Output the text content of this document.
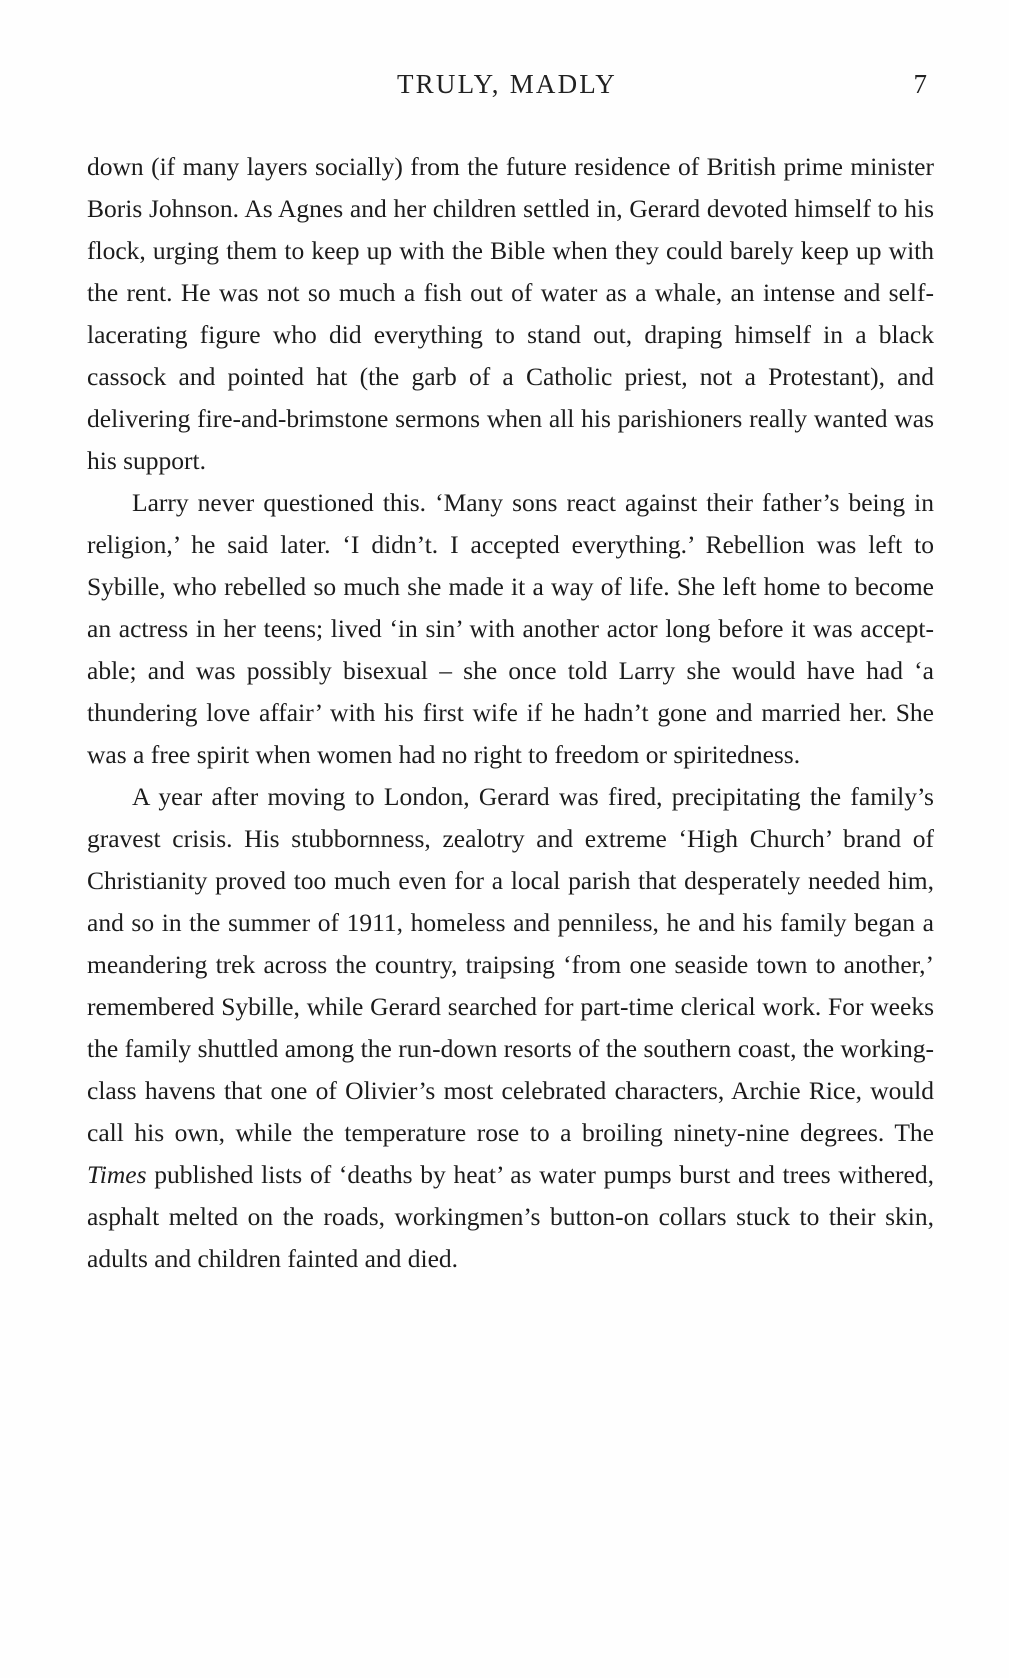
TRULY, MADLY	7

down (if many layers socially) from the future residence of British prime minister Boris Johnson. As Agnes and her children settled in, Gerard devoted himself to his flock, urging them to keep up with the Bible when they could barely keep up with the rent. He was not so much a fish out of water as a whale, an intense and self-lacerating figure who did everything to stand out, draping himself in a black cassock and pointed hat (the garb of a Catholic priest, not a Protestant), and delivering fire-and-brimstone sermons when all his parishioners really wanted was his support.

Larry never questioned this. ‘Many sons react against their father’s being in religion,’ he said later. ‘I didn’t. I accepted everything.’ Rebellion was left to Sybille, who rebelled so much she made it a way of life. She left home to become an actress in her teens; lived ‘in sin’ with another actor long before it was acceptable; and was possibly bisexual – she once told Larry she would have had ‘a thundering love affair’ with his first wife if he hadn’t gone and married her. She was a free spirit when women had no right to freedom or spiritedness.

A year after moving to London, Gerard was fired, precipitating the family’s gravest crisis. His stubbornness, zealotry and extreme ‘High Church’ brand of Christianity proved too much even for a local parish that desperately needed him, and so in the summer of 1911, homeless and penniless, he and his family began a meandering trek across the country, traipsing ‘from one seaside town to another,’ remembered Sybille, while Gerard searched for part-time clerical work. For weeks the family shuttled among the run-down resorts of the southern coast, the working-class havens that one of Olivier’s most celebrated characters, Archie Rice, would call his own, while the temperature rose to a broiling ninety-nine degrees. The Times published lists of ‘deaths by heat’ as water pumps burst and trees withered, asphalt melted on the roads, workingmen’s button-on collars stuck to their skin, adults and children fainted and died.
